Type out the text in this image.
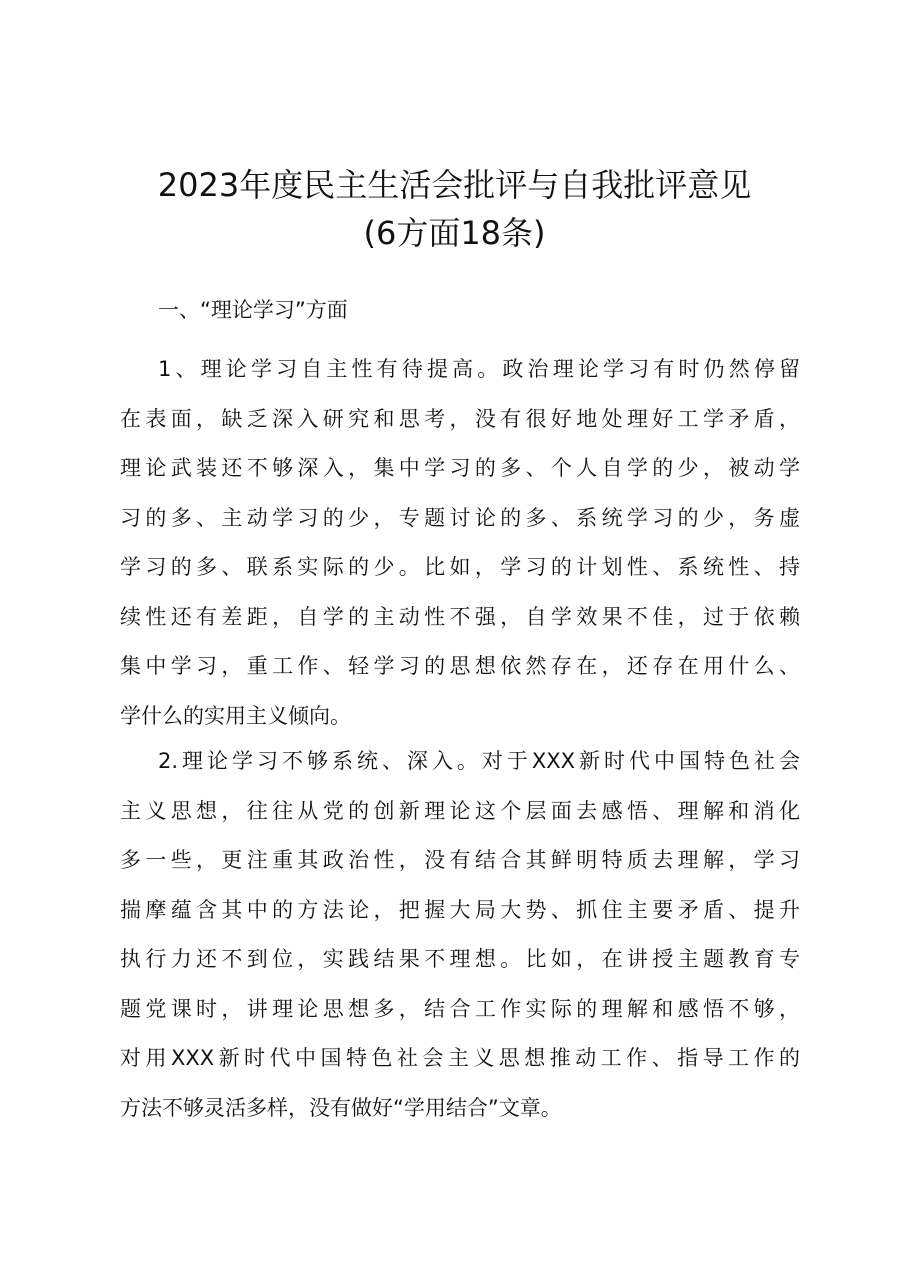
2023年度民主生活会批评与自我批评意见
(6方面18条)
一、“理论学习”方面
1、理论学习自主性有待提高。政治理论学习有时仍然停留
在表面，缺乏深入研究和思考，没有很好地处理好工学矛盾，
理论武装还不够深入，集中学习的多、个人自学的少，被动学
习的多、主动学习的少，专题讨论的多、系统学习的少，务虚
学习的多、联系实际的少。比如，学习的计划性、系统性、持
续性还有差距，自学的主动性不强，自学效果不佳，过于依赖
集中学习，重工作、轻学习的思想依然存在，还存在用什么、
学什么的实用主义倾向。
2.理论学习不够系统、深入。对于XXX新时代中国特色社会
主义思想，往往从党的创新理论这个层面去感悟、理解和消化
多一些，更注重其政治性，没有结合其鲜明特质去理解，学习
揣摩蕴含其中的方法论，把握大局大势、抓住主要矛盾、提升
执行力还不到位，实践结果不理想。比如，在讲授主题教育专
题党课时，讲理论思想多，结合工作实际的理解和感悟不够，
对用XXX新时代中国特色社会主义思想推动工作、指导工作的
方法不够灵活多样，没有做好“学用结合”文章。
